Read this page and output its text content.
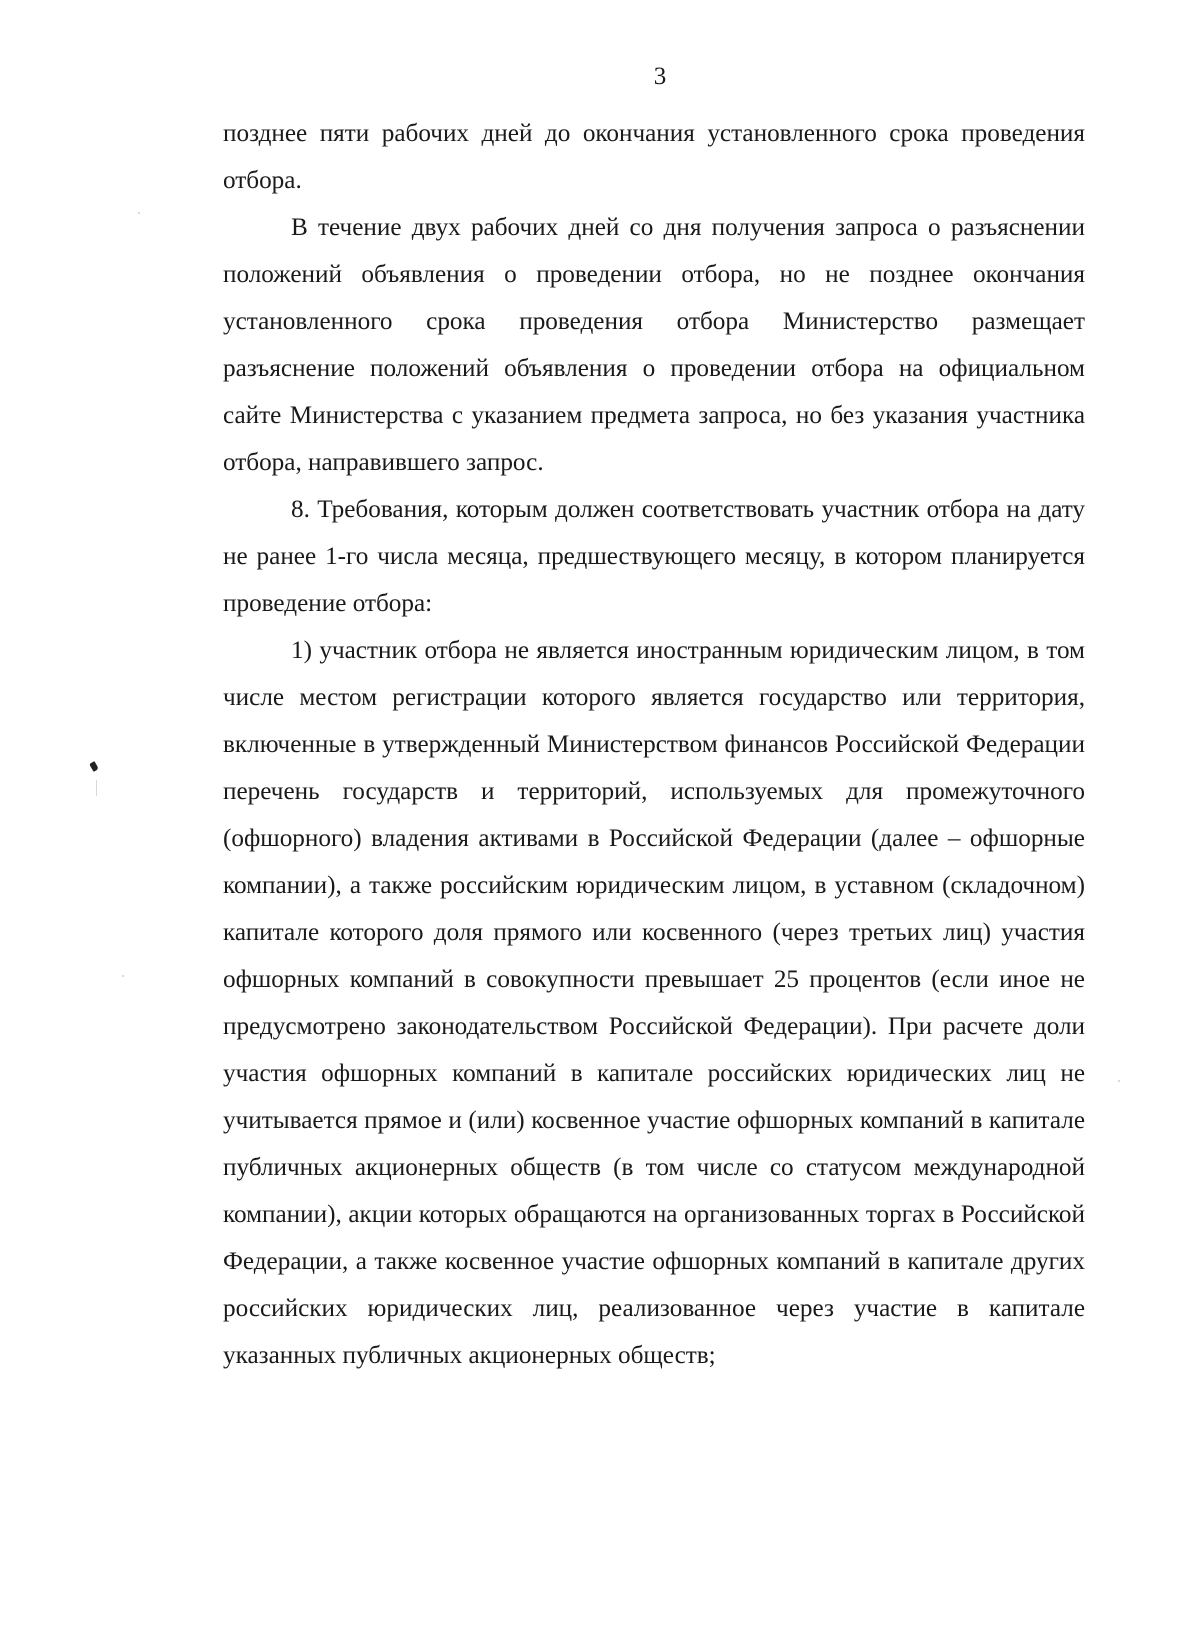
3

позднее пяти рабочих дней до окончания установленного срока проведения отбора.

В течение двух рабочих дней со дня получения запроса о разъяснении положений объявления о проведении отбора, но не позднее окончания установленного срока проведения отбора Министерство размещает разъяснение положений объявления о проведении отбора на официальном сайте Министерства с указанием предмета запроса, но без указания участника отбора, направившего запрос.

8. Требования, которым должен соответствовать участник отбора на дату не ранее 1-го числа месяца, предшествующего месяцу, в котором планируется проведение отбора:

1) участник отбора не является иностранным юридическим лицом, в том числе местом регистрации которого является государство или территория, включенные в утвержденный Министерством финансов Российской Федерации перечень государств и территорий, используемых для промежуточного (офшорного) владения активами в Российской Федерации (далее – офшорные компании), а также российским юридическим лицом, в уставном (складочном) капитале которого доля прямого или косвенного (через третьих лиц) участия офшорных компаний в совокупности превышает 25 процентов (если иное не предусмотрено законодательством Российской Федерации). При расчете доли участия офшорных компаний в капитале российских юридических лиц не учитывается прямое и (или) косвенное участие офшорных компаний в капитале публичных акционерных обществ (в том числе со статусом международной компании), акции которых обращаются на организованных торгах в Российской Федерации, а также косвенное участие офшорных компаний в капитале других российских юридических лиц, реализованное через участие в капитале указанных публичных акционерных обществ;
